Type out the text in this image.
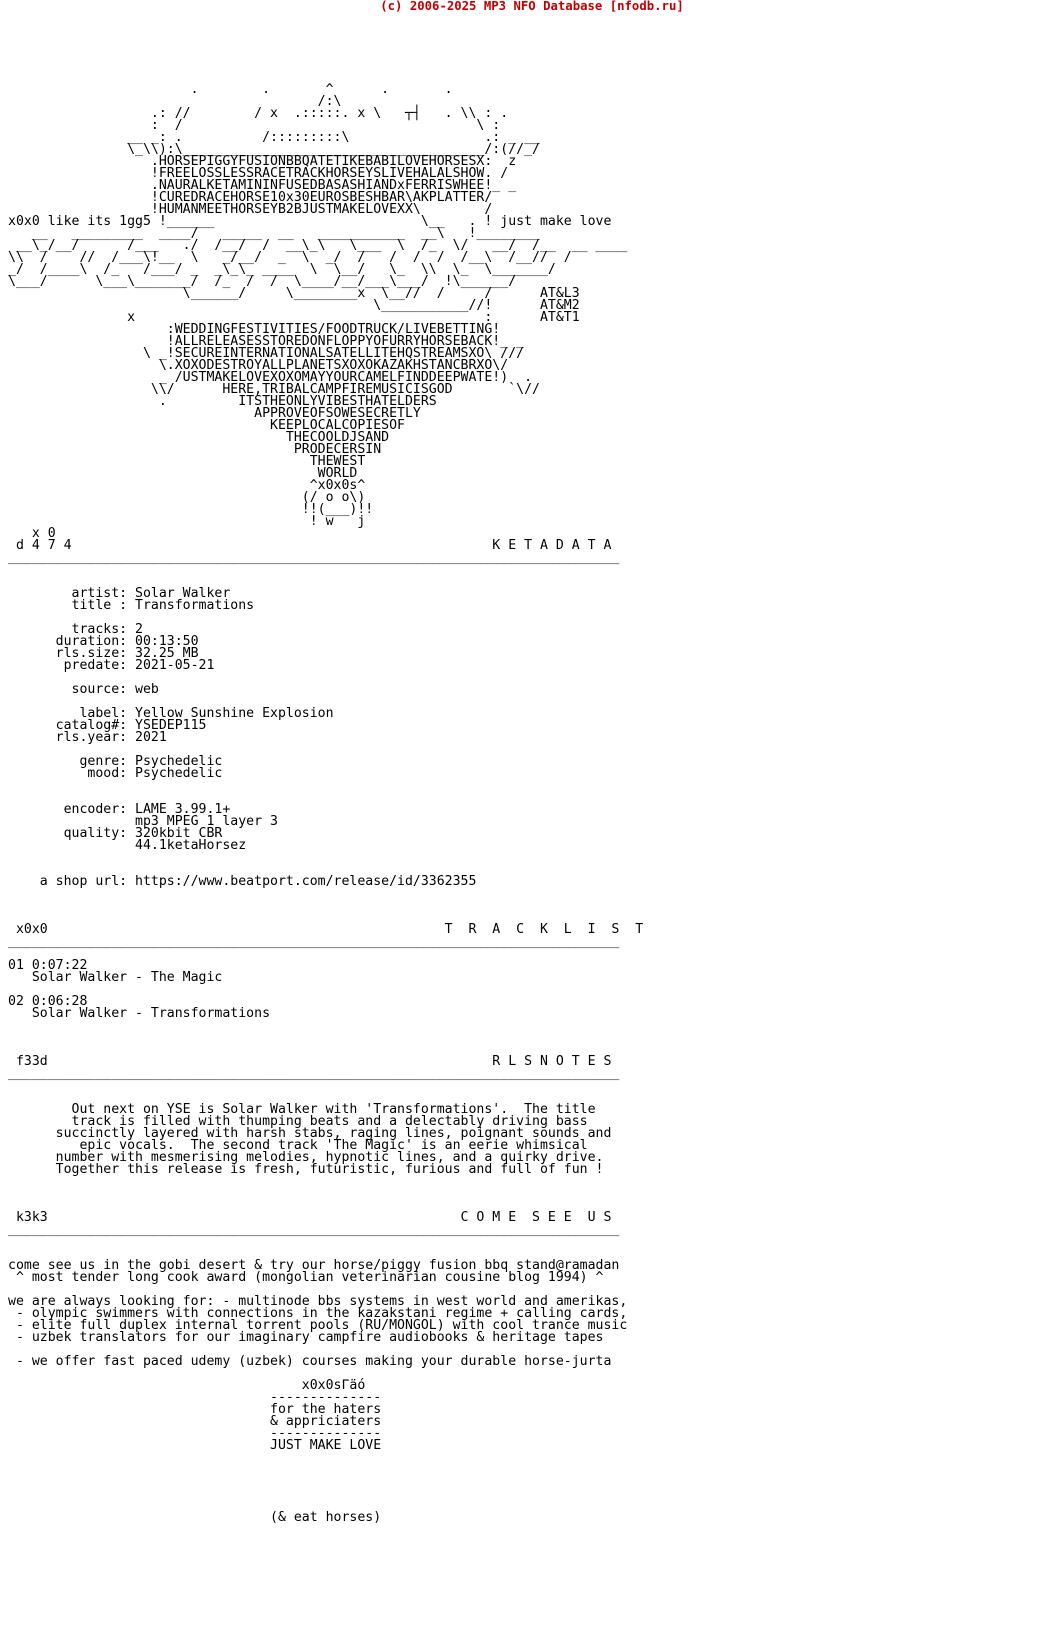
(c) 2006-2025 MP3 NFO Database [nfodb.ru]

.        .       ^      .       .
/:\
.: //        / x  .:::::. x \   ┬┤   . \\ : .
:  /                                     \ :
__ _: .          /:::::::::\                 .: _ __
\_\\):\______________________________________/:(//_/
.HORSEPIGGYFUSIONBBQATETIKEBABILOVEHORSESX:  z
!FREELOSSLESSRACETRACKHORSEYSLIVEHALALSHOW. /
.NAURALKETAMININFUSEDBASASHIANDxFERRISWHEE!_ _
!CUREDRACEHORSE10x30EUROSBESHBAR\AKPLATTER/
!HUMANMEETHORSEYB2BJUSTMAKELOVEXX\        /
x0x0 like its 1gg5 !______                          \__   . ! just make love
__   _________  ____/   _____  __   ___________  __\   !________
__\_/__/      /___   ./  /__/  /  __\_\   \___  \  /_  \/   __/  /__  __ ____
\\  /    //  /___\!__  \   _/__/  _  \  _/  /   /  /  /  /__\  /__//  /
_/  /____\  /_   /___/ _  _\_\_ ____  \  \__/   \_  \\  \_  \_______/
\___/      \___\_______/  /_  /  /  \____/__/___\___/  !\______/
\______/     \________x  \__//  /     /      AT&L3
\___________//!      AT&M2
x                                            :      AT&T1
:WEDDINGFESTIVITIES/FOODTRUCK/LIVEBETTING!
!ALLRELEASESSTOREDONFLOPPYOFURRYHORSEBACK!_ _
\ _!SECUREINTERNATIONALSATELLITEHQSTREAMSXO\ ///
\.XOXODESTROYALLPLANETSXOXOKAZAKHSTANCBRXO\/
_ /USTMAKELOVEXOXOMAYYOURCAMELFINDDEEPWATE!)  .
\\/      HERE,TRIBALCAMPFIREMUSICISGOD       `\//
.         ITSTHEONLYVIBESTHATELDERS
APPROVEOFSOWESECRETLY
KEEPLOCALCOPIESOF
THECOOLDJSAND
PRODECERSIN
THEWEST
WORLD
^x0x0s^
(/ o o\)
!!(___)!!
! w   j
x 0
d 4 7 4                                                     K E T A D A T A
_____________________________________________________________________________

artist: Solar Walker
title : Transformations

tracks: 2
duration: 00:13:50
rls.size: 32.25 MB
predate: 2021-05-21

source: web

label: Yellow Sunshine Explosion
catalog#: YSEDEP115
rls.year: 2021

genre: Psychedelic
mood: Psychedelic

encoder: LAME 3.99.1+
mp3 MPEG 1 layer 3
quality: 320kbit CBR
44.1ketaHorsez

a shop url: https://www.beatport.com/release/id/3362355

x0x0                                                  T  R  A  C  K  L  I  S  T
_____________________________________________________________________________

01 0:07:22
Solar Walker - The Magic

02 0:06:28
Solar Walker - Transformations

f33d                                                        R L S N O T E S
_____________________________________________________________________________

Out next on YSE is Solar Walker with 'Transformations'.  The title
track is filled with thumping beats and a delectably driving bass
succinctly layered with harsh stabs, raging lines, poignant sounds and
epic vocals.  The second track 'The Magic' is an eerie whimsical
number with mesmerising melodies, hypnotic lines, and a quirky drive.
Together this release is fresh, futuristic, furious and full of fun !

k3k3                                                    C O M E  S E E  U S
_____________________________________________________________________________

come see us in the gobi desert & try our horse/piggy fusion bbq stand@ramadan
^ most tender long cook award (mongolian veterinarian cousine blog 1994) ^

we are always looking for: - multinode bbs systems in west world and amerikas,
- olympic swimmers with connections in the kazakstani regime + calling cards,
- elite full duplex internal torrent pools (RU/MONGOL) with cool trance music
- uzbek translators for our imaginary campfire audiobooks & heritage tapes

- we offer fast paced udemy (uzbek) courses making your durable horse-jurta

x0x0sΓäó
--------------
for the haters
& appriciaters
--------------
JUST MAKE LOVE

(& eat horses)
